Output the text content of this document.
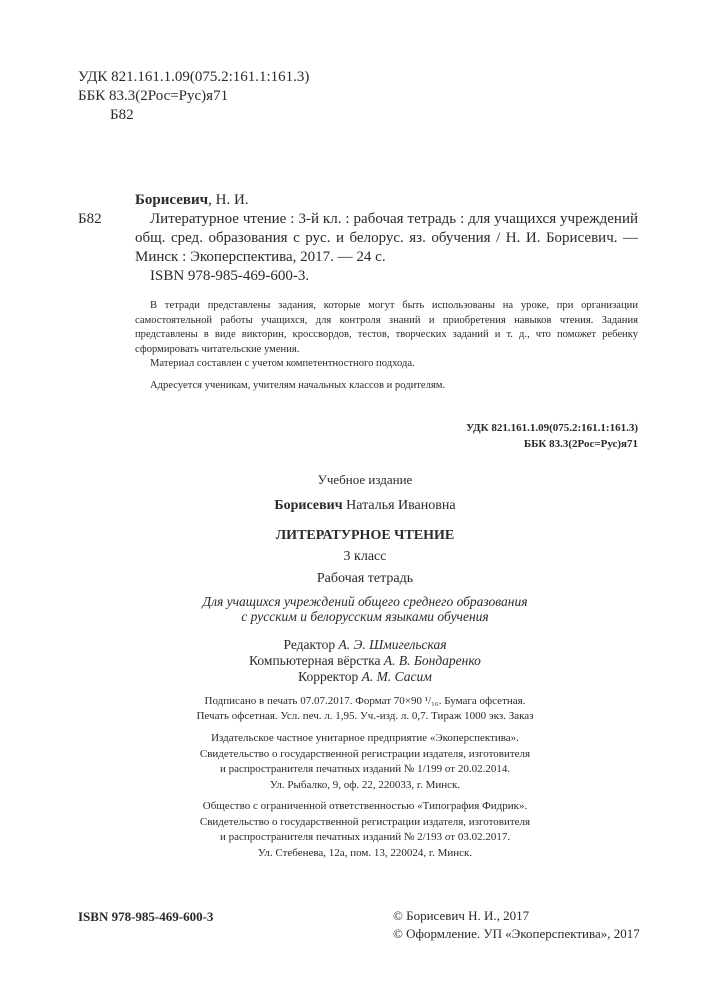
УДК 821.161.1.09(075.2:161.1:161.3)
ББК 83.3(2Рос=Рус)я71
Б82
Борисевич, Н. И.
Б82	Литературное чтение : 3-й кл. : рабочая тетрадь : для учащихся учреждений общ. сред. образования с рус. и белорус. яз. обучения / Н. И. Борисевич. — Минск : Экоперспектива, 2017. — 24 с.
ISBN 978-985-469-600-3.
В тетради представлены задания, которые могут быть использованы на уроке, при организации самостоятельной работы учащихся, для контроля знаний и приобретения навыков чтения. Задания представлены в виде викторин, кроссвордов, тестов, творческих заданий и т. д., что поможет ребенку сформировать читательские умения.
Материал составлен с учетом компетентностного подхода.
Адресуется ученикам, учителям начальных классов и родителям.
УДК 821.161.1.09(075.2:161.1:161.3)
ББК 83.3(2Рос=Рус)я71
Учебное издание
Борисевич Наталья Ивановна
ЛИТЕРАТУРНОЕ ЧТЕНИЕ
3 класс
Рабочая тетрадь
Для учащихся учреждений общего среднего образования
с русским и белорусским языками обучения
Редактор А. Э. Шмигельская
Компьютерная вёрстка А. В. Бондаренко
Корректор А. М. Сасим
Подписано в печать 07.07.2017. Формат 70×90 ¹/₁₆. Бумага офсетная.
Печать офсетная. Усл. печ. л. 1,95. Уч.-изд. л. 0,7. Тираж 1000 экз. Заказ
Издательское частное унитарное предприятие «Экоперспектива».
Свидетельство о государственной регистрации издателя, изготовителя
и распространителя печатных изданий № 1/199 от 20.02.2014.
Ул. Рыбалко, 9, оф. 22, 220033, г. Минск.
Общество с ограниченной ответственностью «Типография Фидрик».
Свидетельство о государственной регистрации издателя, изготовителя
и распространителя печатных изданий № 2/193 от 03.02.2017.
Ул. Стебенева, 12а, пом. 13, 220024, г. Минск.
ISBN 978-985-469-600-3	© Борисевич Н. И., 2017
© Оформление. УП «Экоперспектива», 2017
